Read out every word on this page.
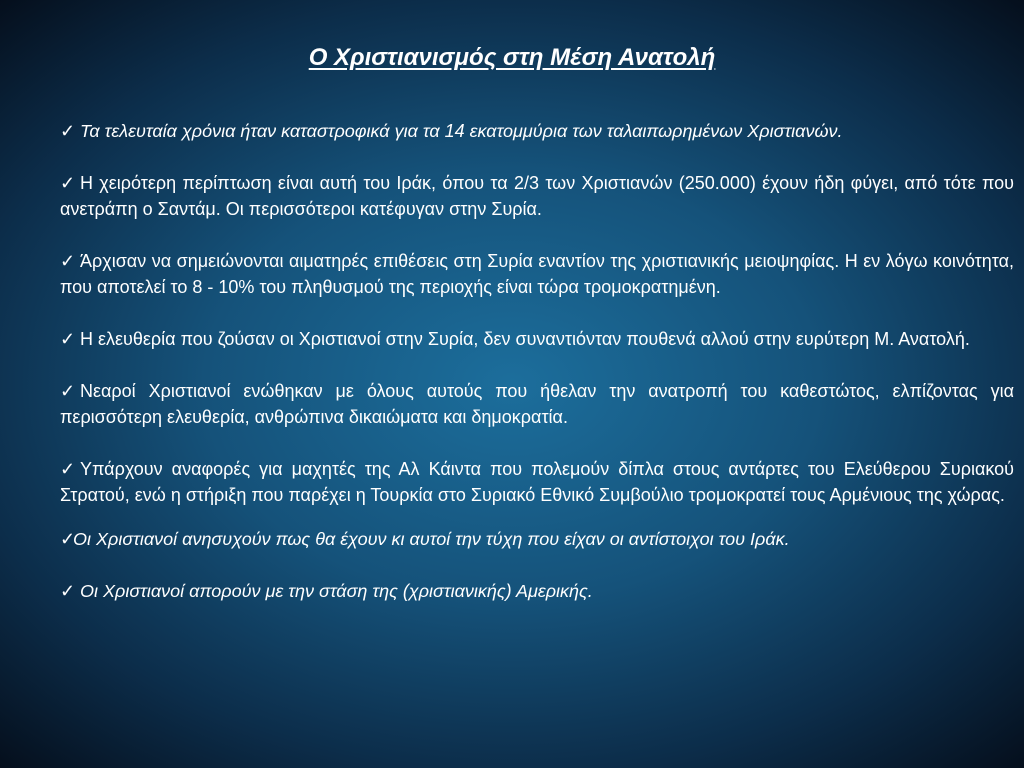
Ο Χριστιανισμός στη Μέση Ανατολή

✓ Τα τελευταία χρόνια ήταν καταστροφικά για τα 14 εκατομμύρια των ταλαιπωρημένων Χριστιανών.

✓ Η χειρότερη περίπτωση είναι αυτή του Ιράκ, όπου τα 2/3 των Χριστιανών (250.000) έχουν ήδη φύγει, από τότε που ανετράπη ο Σαντάμ. Οι περισσότεροι κατέφυγαν στην Συρία.

✓ Άρχισαν να σημειώνονται αιματηρές επιθέσεις στη Συρία εναντίον της χριστιανικής μειοψηφίας. Η εν λόγω κοινότητα, που αποτελεί το 8 - 10% του πληθυσμού της περιοχής είναι τώρα τρομοκρατημένη.

✓ Η ελευθερία που ζούσαν οι Χριστιανοί στην Συρία, δεν συναντιόνταν πουθενά αλλού στην ευρύτερη Μ. Ανατολή.

✓ Νεαροί Χριστιανοί ενώθηκαν με όλους αυτούς που ήθελαν την ανατροπή του καθεστώτος, ελπίζοντας για περισσότερη ελευθερία, ανθρώπινα δικαιώματα και δημοκρατία.

✓ Υπάρχουν αναφορές για μαχητές της Αλ Κάιντα που πολεμούν δίπλα στους αντάρτες του Ελεύθερου Συριακού Στρατού, ενώ η στήριξη που παρέχει η Τουρκία στο Συριακό Εθνικό Συμβούλιο τρομοκρατεί τους Αρμένιους της χώρας.

✓Οι Χριστιανοί ανησυχούν πως θα έχουν κι αυτοί την τύχη που είχαν οι αντίστοιχοι του Ιράκ.

✓ Οι Χριστιανοί απορούν με την στάση της (χριστιανικής) Αμερικής.
